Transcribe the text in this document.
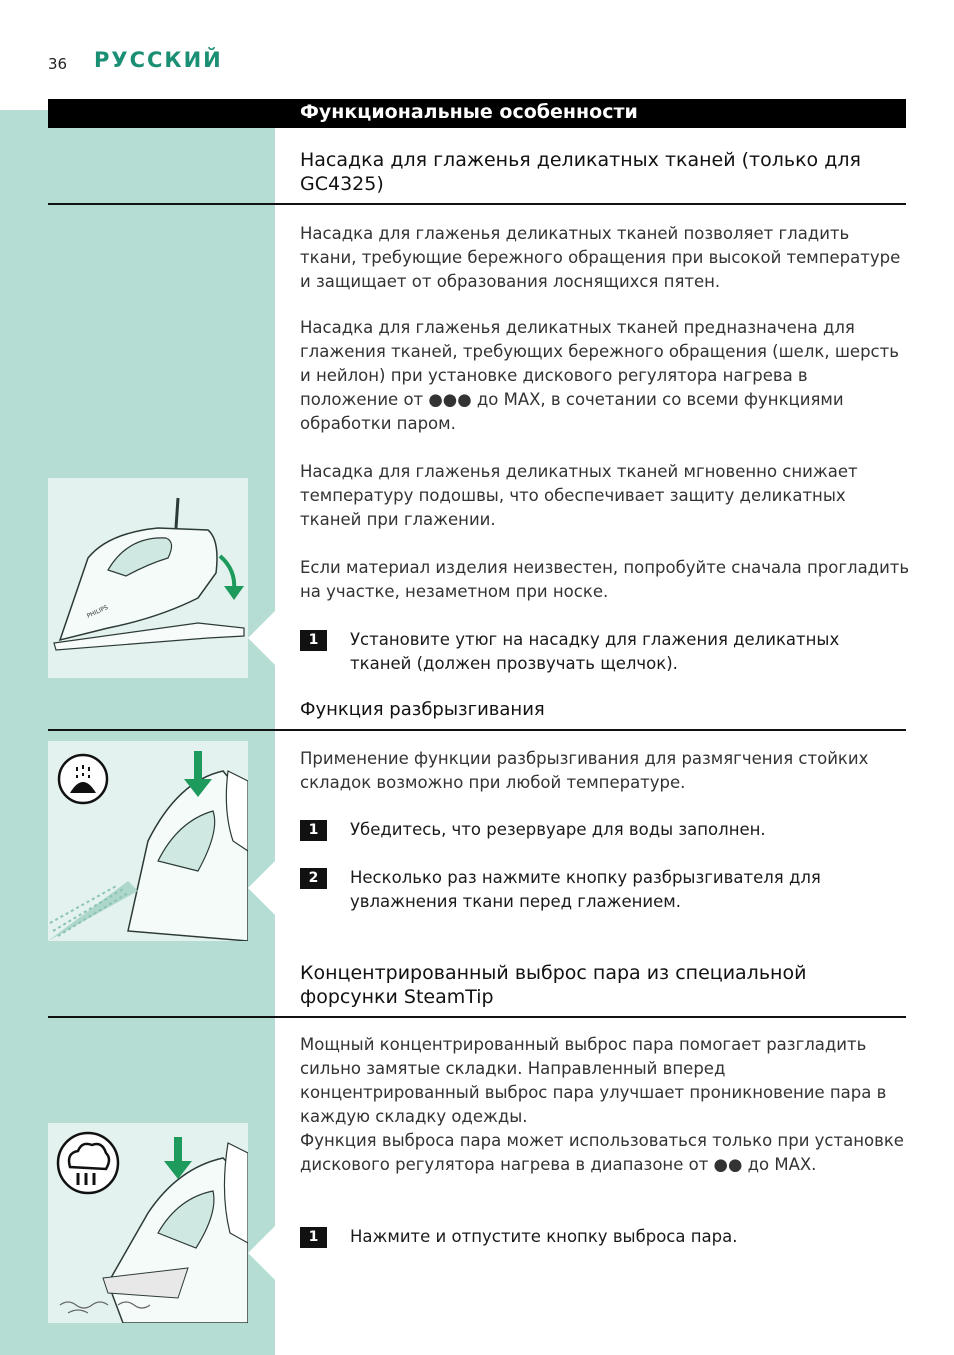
36 РУССКИЙ
Функциональные особенности
Насадка для глаженья деликатных тканей (только для GC4325)
Насадка для глаженья деликатных тканей позволяет гладить ткани, требующие бережного обращения при высокой температуре и защищает от образования лоснящихся пятен.
Насадка для глаженья деликатных тканей предназначена для глажения тканей, требующих бережного обращения (шелк, шерсть и нейлон) при установке дискового регулятора нагрева в положение от ●●● до MAX, в сочетании со всеми функциями обработки паром.
Насадка для глаженья деликатных тканей мгновенно снижает температуру подошвы, что обеспечивает защиту деликатных тканей при глажении.
Если материал изделия неизвестен, попробуйте сначала прогладить на участке, незаметном при носке.
1	Установите утюг на насадку для глажения деликатных тканей (должен прозвучать щелчок).
PHILIPS
Функция разбрызгивания
Применение функции разбрызгивания для размягчения стойких складок возможно при любой температуре.
1	Убедитесь, что резервуаре для воды заполнен.
2	Несколько раз нажмите кнопку разбрызгивателя для увлажнения ткани перед глажением.
Концентрированный выброс пара из специальной форсунки SteamTip
Мощный концентрированный выброс пара помогает разгладить сильно замятые складки. Направленный вперед концентрированный выброс пара улучшает проникновение пара в каждую складку одежды.
Функция выброса пара может использоваться только при установке дискового регулятора нагрева в диапазоне от ●● до MAX.
1	Нажмите и отпустите кнопку выброса пара.
